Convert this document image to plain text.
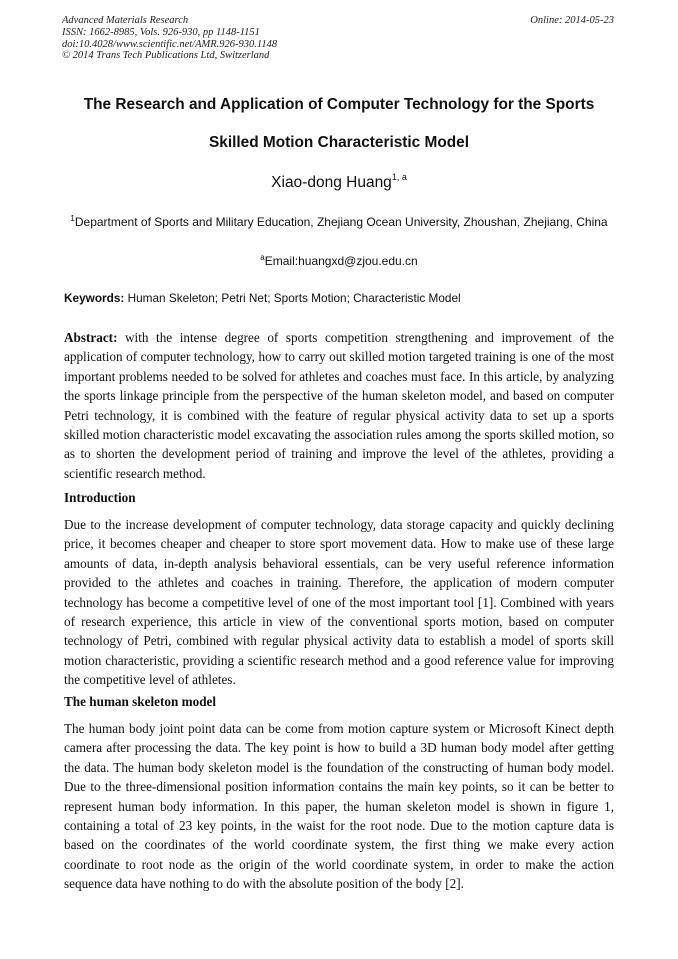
Advanced Materials Research	Online: 2014-05-23
ISSN: 1662-8985, Vols. 926-930, pp 1148-1151
doi:10.4028/www.scientific.net/AMR.926-930.1148
© 2014 Trans Tech Publications Ltd, Switzerland
The Research and Application of Computer Technology for the Sports
Skilled Motion Characteristic Model
Xiao-dong Huang$^{1, a}$
$^1$Department of Sports and Military Education, Zhejiang Ocean University, Zhoushan, Zhejiang, China
$^a$Email:huangxd@zjou.edu.cn
Keywords: Human Skeleton; Petri Net; Sports Motion; Characteristic Model
Abstract: with the intense degree of sports competition strengthening and improvement of the application of computer technology, how to carry out skilled motion targeted training is one of the most important problems needed to be solved for athletes and coaches must face. In this article, by analyzing the sports linkage principle from the perspective of the human skeleton model, and based on computer Petri technology, it is combined with the feature of regular physical activity data to set up a sports skilled motion characteristic model excavating the association rules among the sports skilled motion, so as to shorten the development period of training and improve the level of the athletes, providing a scientific research method.
Introduction
Due to the increase development of computer technology, data storage capacity and quickly declining price, it becomes cheaper and cheaper to store sport movement data. How to make use of these large amounts of data, in-depth analysis behavioral essentials, can be very useful reference information provided to the athletes and coaches in training. Therefore, the application of modern computer technology has become a competitive level of one of the most important tool [1]. Combined with years of research experience, this article in view of the conventional sports motion, based on computer technology of Petri, combined with regular physical activity data to establish a model of sports skill motion characteristic, providing a scientific research method and a good reference value for improving the competitive level of athletes.
The human skeleton model
The human body joint point data can be come from motion capture system or Microsoft Kinect depth camera after processing the data. The key point is how to build a 3D human body model after getting the data. The human body skeleton model is the foundation of the constructing of human body model. Due to the three-dimensional position information contains the main key points, so it can be better to represent human body information. In this paper, the human skeleton model is shown in figure 1, containing a total of 23 key points, in the waist for the root node. Due to the motion capture data is based on the coordinates of the world coordinate system, the first thing we make every action coordinate to root node as the origin of the world coordinate system, in order to make the action sequence data have nothing to do with the absolute position of the body [2].
